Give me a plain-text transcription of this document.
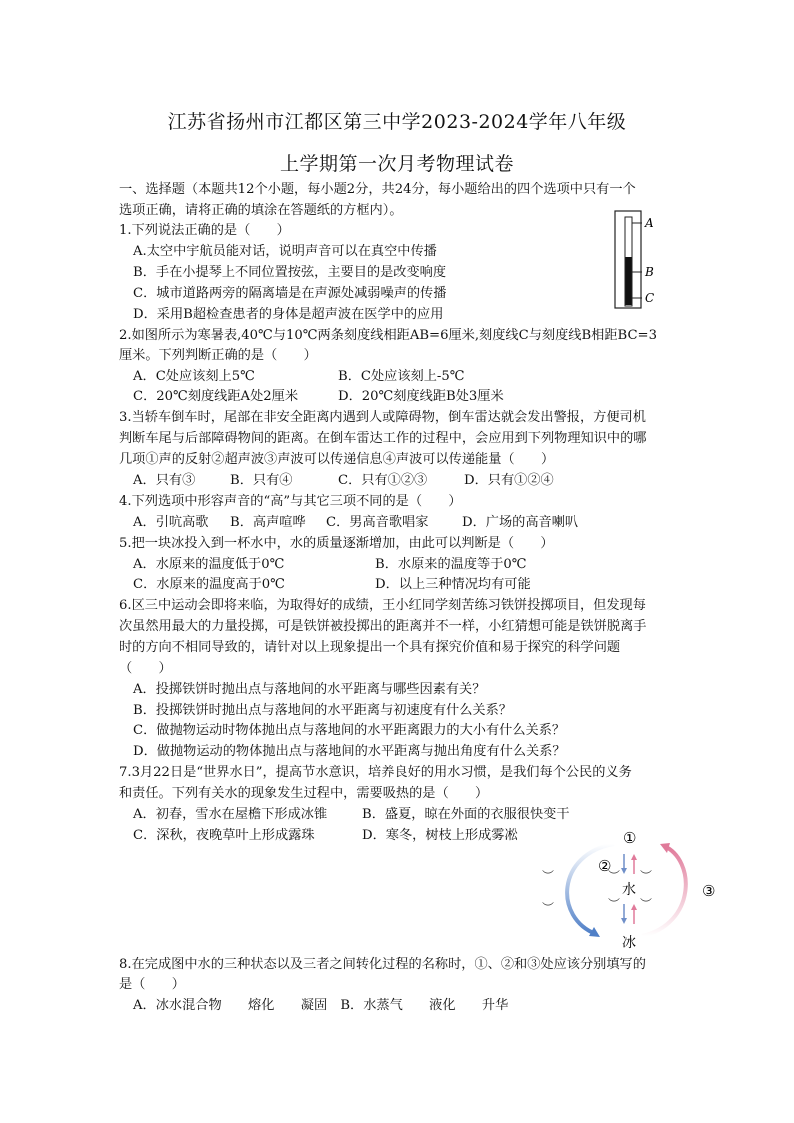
江苏省扬州市江都区第三中学2023-2024学年八年级
上学期第一次月考物理试卷
一、选择题（本题共12个小题，每小题2分，共24分，每小题给出的四个选项中只有一个
选项正确，请将正确的填涂在答题纸的方框内）。
1.下列说法正确的是（　　）
A.太空中宇航员能对话，说明声音可以在真空中传播
B．手在小提琴上不同位置按弦，主要目的是改变响度
C．城市道路两旁的隔离墙是在声源处减弱噪声的传播
D．采用B超检查患者的身体是超声波在医学中的应用
A
B
C
2.如图所示为寒暑表,40℃与10℃两条刻度线相距AB=6厘米,刻度线C与刻度线B相距BC=3
厘米。下列判断正确的是（　　）
A．C处应该刻上5℃	B．C处应该刻上-5℃
C．20℃刻度线距A处2厘米	D．20℃刻度线距B处3厘米
3.当轿车倒车时，尾部在非安全距离内遇到人或障碍物，倒车雷达就会发出警报，方便司机
判断车尾与后部障碍物间的距离。在倒车雷达工作的过程中，会应用到下列物理知识中的哪
几项①声的反射②超声波③声波可以传递信息④声波可以传递能量（　　）
A．只有③	B．只有④	C．只有①②③	D．只有①②④
4.下列选项中形容声音的“高”与其它三项不同的是（　　）
A．引吭高歌 B．高声喧哗 C．男高音歌唱家	D．广场的高音喇叭
5.把一块冰投入到一杯水中，水的质量逐渐增加，由此可以判断是（　　）
A．水原来的温度低于0℃	B．水原来的温度等于0℃
C．水原来的温度高于0℃	D．以上三种情况均有可能
6.区三中运动会即将来临，为取得好的成绩，王小红同学刻苦练习铁饼投掷项目，但发现每
次虽然用最大的力量投掷，可是铁饼被投掷出的距离并不一样，小红猜想可能是铁饼脱离手
时的方向不相同导致的，请针对以上现象提出一个具有探究价值和易于探究的科学问题
（　　）
A．投掷铁饼时抛出点与落地间的水平距离与哪些因素有关？
B．投掷铁饼时抛出点与落地间的水平距离与初速度有什么关系？
C．做抛物运动时物体抛出点与落地间的水平距离跟力的大小有什么关系？
D．做抛物运动的物体抛出点与落地间的水平距离与抛出角度有什么关系？
7.3月22日是“世界水日”，提高节水意识，培养良好的用水习惯，是我们每个公民的义务
和责任。下列有关水的现象发生过程中，需要吸热的是（　　）
A．初春，雪水在屋檐下形成冰锥	B．盛夏，晾在外面的衣服很快变干
C．深秋，夜晚草叶上形成露珠	D．寒冬，树枝上形成雾凇
︶
︶
︶ ︶
︶ ︶
①
②
③
水
冰
8.在完成图中水的三种状态以及三者之间转化过程的名称时，①、②和③处应该分别填写的
是（　　）
A．冰水混合物　　熔化　　凝固　B．水蒸气　　液化　　升华
